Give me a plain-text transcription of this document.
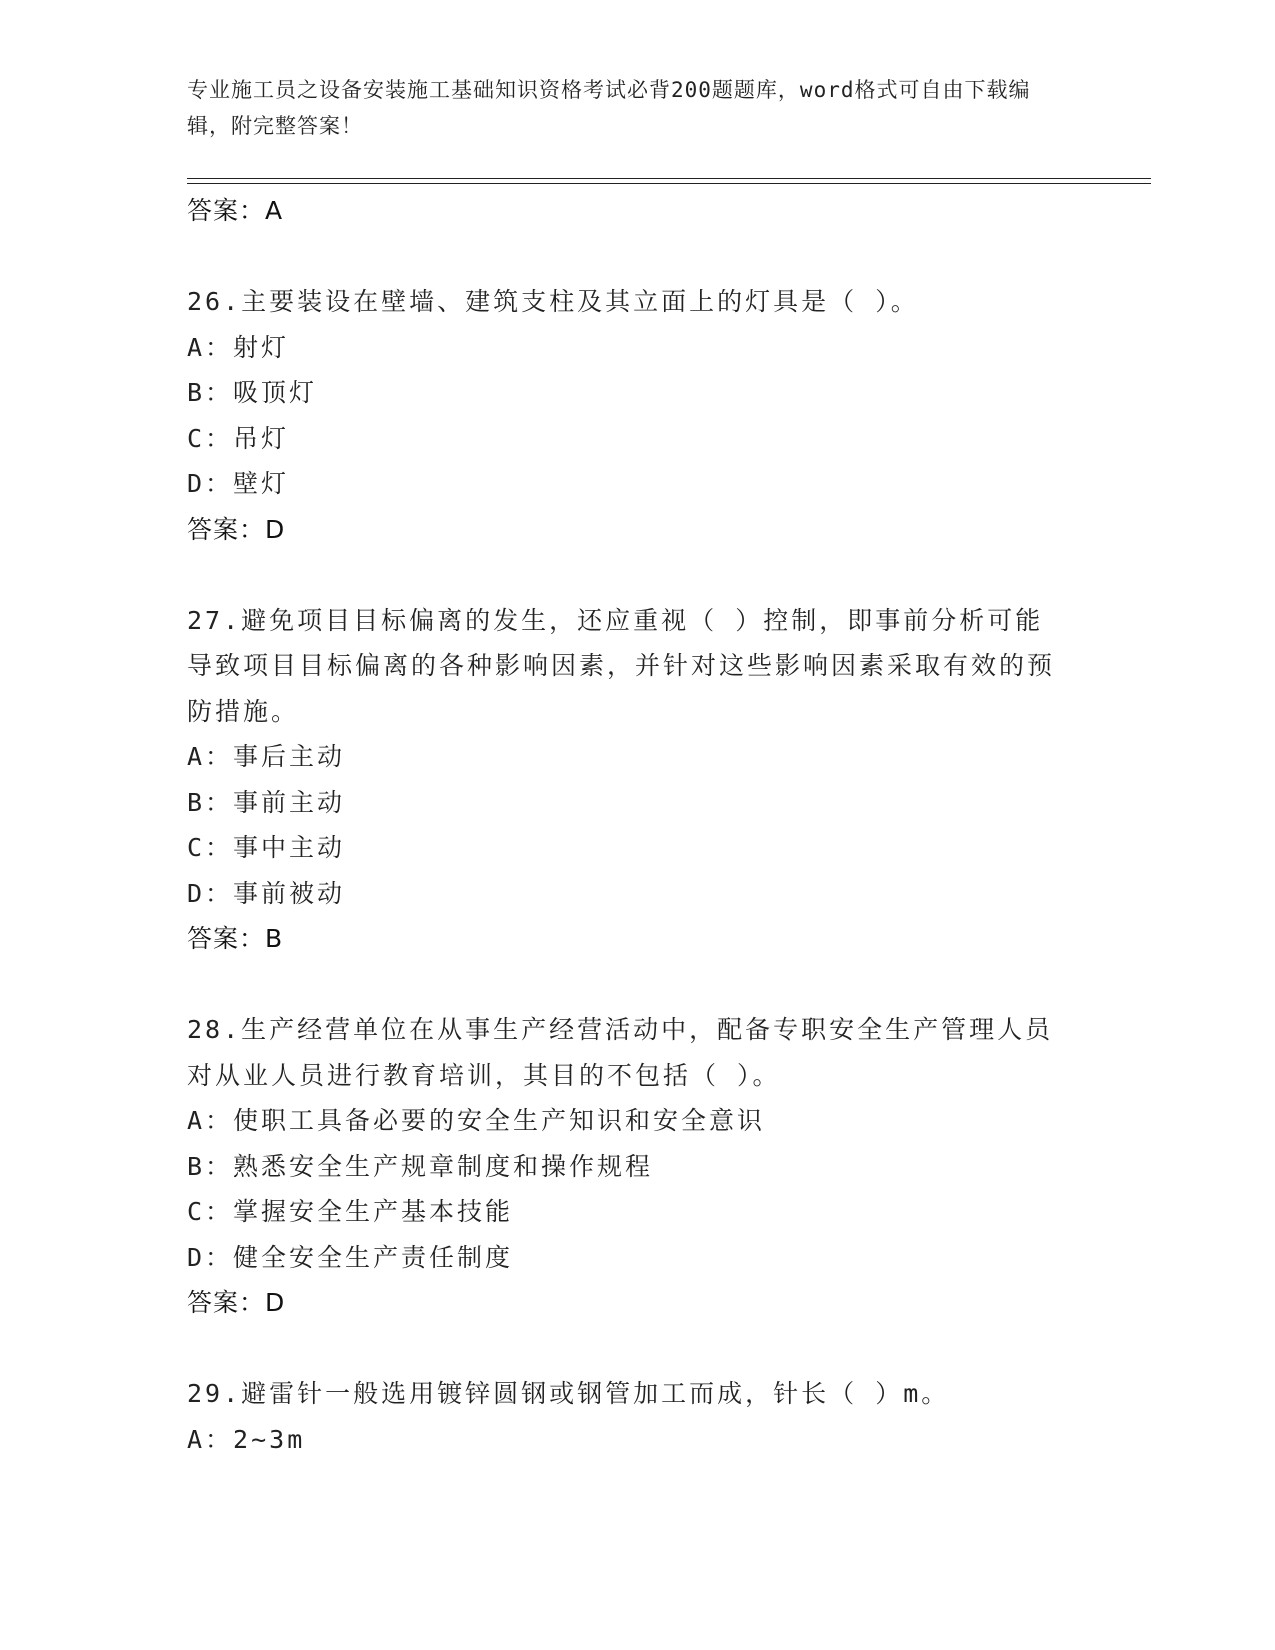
专业施工员之设备安装施工基础知识资格考试必背200题题库，word格式可自由下载编辑，附完整答案！
答案：A
26.主要装设在壁墙、建筑支柱及其立面上的灯具是（ ）。
A：射灯
B：吸顶灯
C：吊灯
D：壁灯
答案：D
27.避免项目目标偏离的发生，还应重视（ ）控制，即事前分析可能导致项目目标偏离的各种影响因素，并针对这些影响因素采取有效的预防措施。
A：事后主动
B：事前主动
C：事中主动
D：事前被动
答案：B
28.生产经营单位在从事生产经营活动中，配备专职安全生产管理人员对从业人员进行教育培训，其目的不包括（ ）。
A：使职工具备必要的安全生产知识和安全意识
B：熟悉安全生产规章制度和操作规程
C：掌握安全生产基本技能
D：健全安全生产责任制度
答案：D
29.避雷针一般选用镀锌圆钢或钢管加工而成，针长（ ）m。
A：2~3m
